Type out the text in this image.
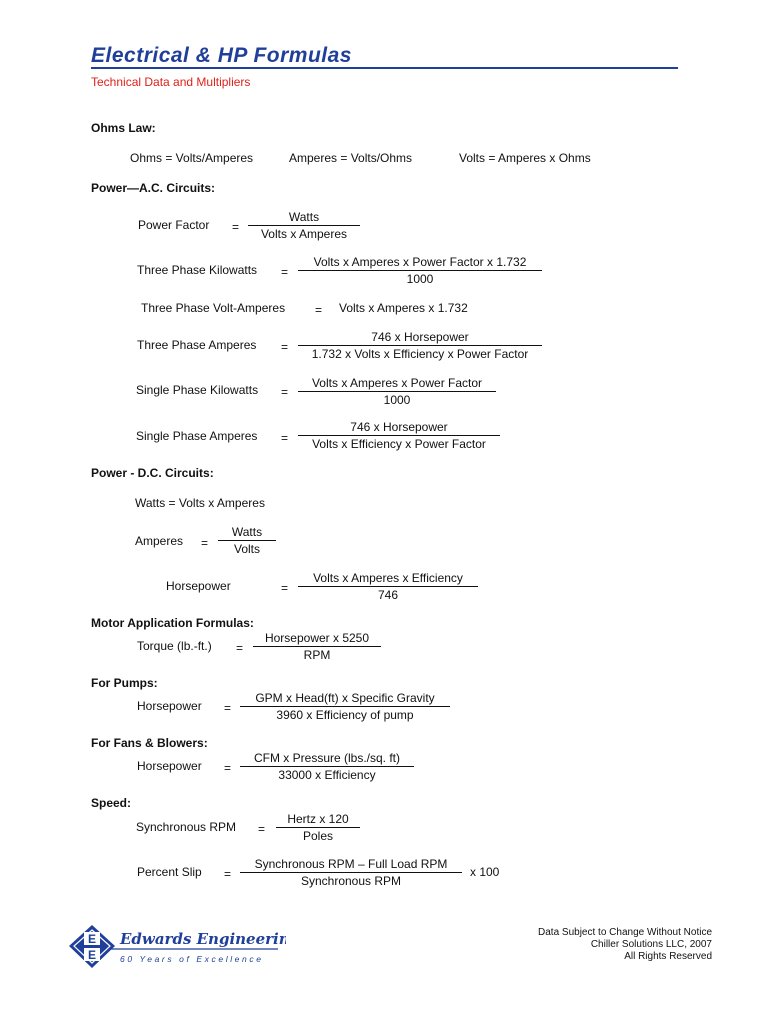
Electrical & HP Formulas
Technical Data and Multipliers
Ohms Law:
Ohms = Volts/Amperes	Amperes = Volts/Ohms	Volts = Amperes x Ohms
Power—A.C. Circuits:
Power Factor =
Watts
Volts x Amperes
Three Phase Kilowatts =
Volts x Amperes x Power Factor x 1.732
1000
Three Phase Volt-Amperes = Volts x Amperes x 1.732
Three Phase Amperes =
746 x Horsepower
1.732 x Volts x Efficiency x Power Factor
Single Phase Kilowatts =
Volts x Amperes x Power Factor
1000
Single Phase Amperes =
746 x Horsepower
Volts x Efficiency x Power Factor
Power - D.C. Circuits:
Watts = Volts x Amperes
Amperes =
Watts
Volts
Horsepower	=
Volts x Amperes x Efficiency
746
Motor Application Formulas:
Torque (lb.-ft.) =
Horsepower x 5250
RPM
For Pumps:
Horsepower =
GPM x Head(ft) x Specific Gravity
3960 x Efficiency of pump
For Fans & Blowers:
Horsepower =
CFM x Pressure (lbs./sq. ft)
33000 x Efficiency
Speed:
Synchronous RPM =
Hertz x 120
Poles
Percent Slip =
Synchronous RPM – Full Load RPM
Synchronous RPM
x 100
E
E
Edwards Engineering
60 Years of Excellence
Data Subject to Change Without Notice
Chiller Solutions LLC, 2007
All Rights Reserved
